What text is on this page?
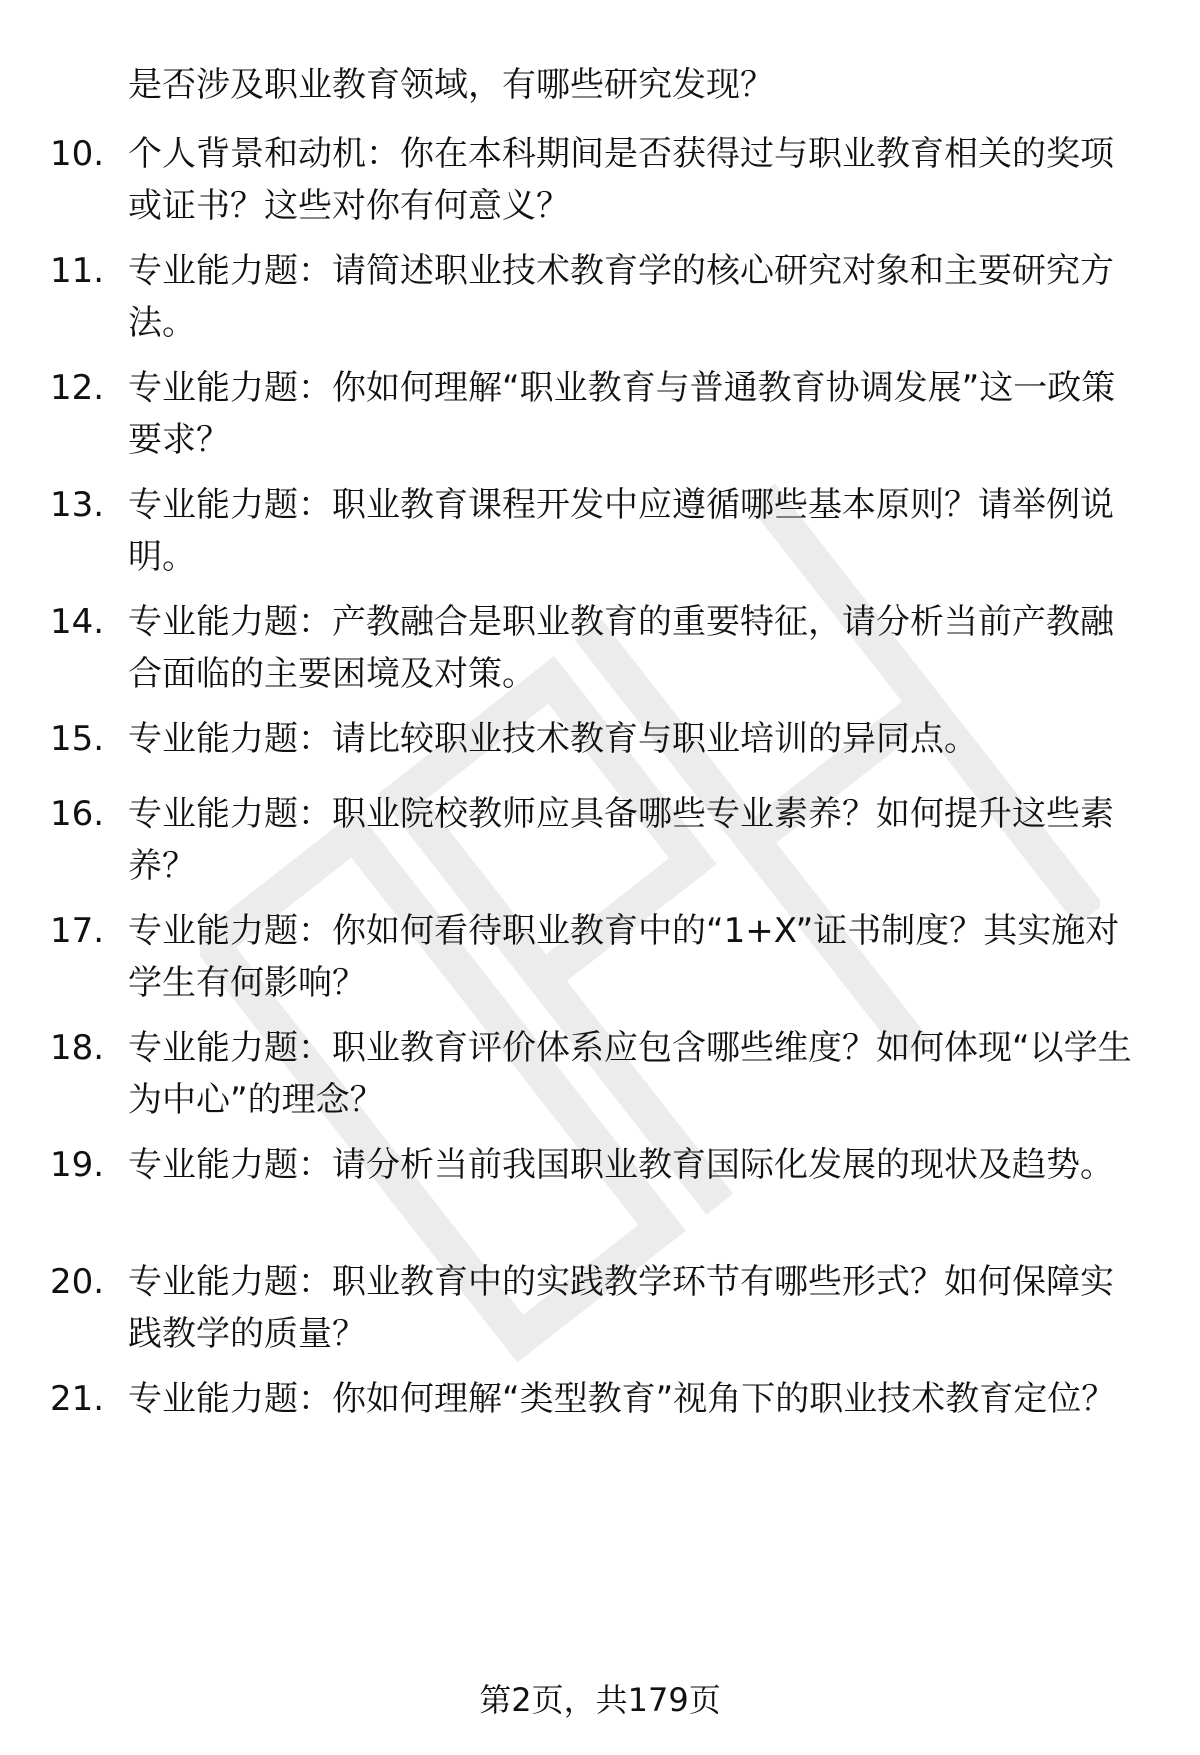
是否涉及职业教育领域，有哪些研究发现？
10. 个人背景和动机：你在本科期间是否获得过与职业教育相关的奖项或证书？这些对你有何意义？
11. 专业能力题：请简述职业技术教育学的核心研究对象和主要研究方法。
12. 专业能力题：你如何理解“职业教育与普通教育协调发展”这一政策要求？
13. 专业能力题：职业教育课程开发中应遵循哪些基本原则？请举例说明。
14. 专业能力题：产教融合是职业教育的重要特征，请分析当前产教融合面临的主要困境及对策。
15. 专业能力题：请比较职业技术教育与职业培训的异同点。
16. 专业能力题：职业院校教师应具备哪些专业素养？如何提升这些素养？
17. 专业能力题：你如何看待职业教育中的“1+X”证书制度？其实施对学生有何影响？
18. 专业能力题：职业教育评价体系应包含哪些维度？如何体现“以学生为中心”的理念？
19. 专业能力题：请分析当前我国职业教育国际化发展的现状及趋势。
20. 专业能力题：职业教育中的实践教学环节有哪些形式？如何保障实践教学的质量？
21. 专业能力题：你如何理解“类型教育”视角下的职业技术教育定位？
第2页，共179页
